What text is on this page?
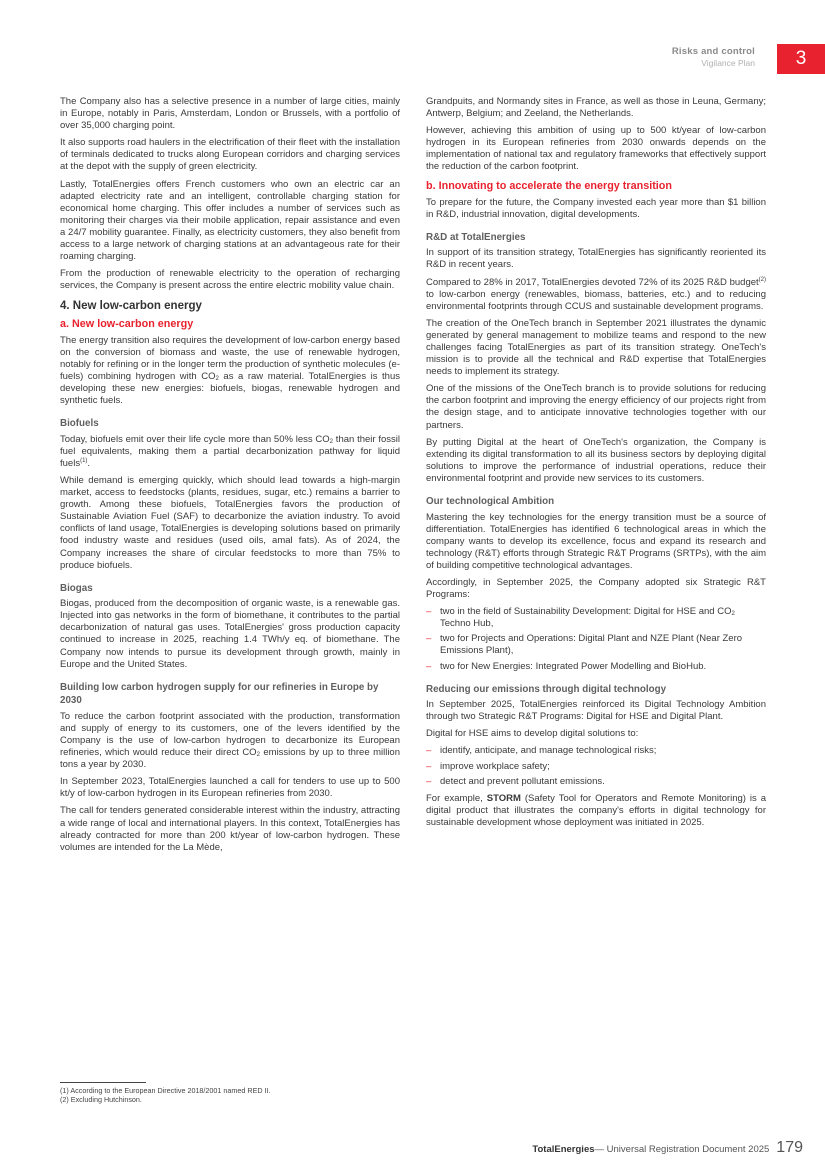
Risks and control
Vigilance Plan	3

The Company also has a selective presence in a number of large cities, mainly in Europe, notably in Paris, Amsterdam, London or Brussels, with a portfolio of over 35,000 charging point.

It also supports road haulers in the electrification of their fleet with the installation of terminals dedicated to trucks along European corridors and charging services at the depot with the supply of green electricity.

Lastly, TotalEnergies offers French customers who own an electric car an adapted electricity rate and an intelligent, controllable charging station for economical home charging. This offer includes a number of services such as monitoring their charges via their mobile application, repair assistance and even a 24/7 mobility guarantee. Finally, as electricity customers, they also benefit from access to a large network of charging stations at an advantageous rate for their roaming charging.

From the production of renewable electricity to the operation of recharging services, the Company is present across the entire electric mobility value chain.

4. New low-carbon energy
a. New low-carbon energy

The energy transition also requires the development of low-carbon energy based on the conversion of biomass and waste, the use of renewable hydrogen, notably for refining or in the longer term the production of synthetic molecules (e-fuels) combining hydrogen with $CO_2$ as a raw material. TotalEnergies is thus developing these new energies: biofuels, biogas, renewable hydrogen and synthetic fuels.

Biofuels

Today, biofuels emit over their life cycle more than 50% less $CO_2$ than their fossil fuel equivalents, making them a partial decarbonization pathway for liquid fuels$^{(1)}$.

While demand is emerging quickly, which should lead towards a high-margin market, access to feedstocks (plants, residues, sugar, etc.) remains a barrier to growth. Among these biofuels, TotalEnergies favors the production of Sustainable Aviation Fuel (SAF) to decarbonize the aviation industry. To avoid conflicts of land usage, TotalEnergies is developing solutions based on primarily food industry waste and residues (used oils, amal fats). As of 2024, the Company increases the share of circular feedstocks to more than 75% to produce biofuels.

Biogas

Biogas, produced from the decomposition of organic waste, is a renewable gas. Injected into gas networks in the form of biomethane, it contributes to the partial decarbonization of natural gas uses. TotalEnergies' gross production capacity continued to increase in 2025, reaching 1.4 TWh/y eq. of biomethane. The Company now intends to pursue its development through growth, mainly in Europe and the United States.

Building low carbon hydrogen supply for our refineries in Europe by 2030

To reduce the carbon footprint associated with the production, transformation and supply of energy to its customers, one of the levers identified by the Company is the use of low-carbon hydrogen to decarbonize its European refineries, which would reduce their direct $CO_2$ emissions by up to three million tons a year by 2030.

In September 2023, TotalEnergies launched a call for tenders to use up to 500 kt/y of low-carbon hydrogen in its European refineries from 2030.

The call for tenders generated considerable interest within the industry, attracting a wide range of local and international players. In this context, TotalEnergies has already contracted for more than 200 kt/year of low-carbon hydrogen. These volumes are intended for the La Mède,

Grandpuits, and Normandy sites in France, as well as those in Leuna, Germany; Antwerp, Belgium; and Zeeland, the Netherlands.

However, achieving this ambition of using up to 500 kt/year of low-carbon hydrogen in its European refineries from 2030 onwards depends on the implementation of national tax and regulatory frameworks that effectively support the reduction of the carbon footprint.

b. Innovating to accelerate the energy transition

To prepare for the future, the Company invested each year more than $1 billion in R&D, industrial innovation, digital developments.

R&D at TotalEnergies

In support of its transition strategy, TotalEnergies has significantly reoriented its R&D in recent years.

Compared to 28% in 2017, TotalEnergies devoted 72% of its 2025 R&D budget$^{(2)}$ to low-carbon energy (renewables, biomass, batteries, etc.) and to reducing environmental footprints through CCUS and sustainable development programs.

The creation of the OneTech branch in September 2021 illustrates the dynamic generated by general management to mobilize teams and respond to the new challenges facing TotalEnergies as part of its transition strategy. OneTech's mission is to provide all the technical and R&D expertise that TotalEnergies needs to implement its strategy.

One of the missions of the OneTech branch is to provide solutions for reducing the carbon footprint and improving the energy efficiency of our projects right from the design stage, and to anticipate innovative technologies together with our partners.

By putting Digital at the heart of OneTech's organization, the Company is extending its digital transformation to all its business sectors by deploying digital solutions to improve the performance of industrial operations, reduce their environmental footprint and provide new services to its customers.

Our technological Ambition

Mastering the key technologies for the energy transition must be a source of differentiation. TotalEnergies has identified 6 technological areas in which the company wants to develop its excellence, focus and expand its research and technology (R&T) efforts through Strategic R&T Programs (SRTPs), with the aim of building competitive technological advantages.

Accordingly, in September 2025, the Company adopted six Strategic R&T Programs:

– two in the field of Sustainability Development: Digital for HSE and $CO_2$ Techno Hub,
– two for Projects and Operations: Digital Plant and NZE Plant (Near Zero Emissions Plant),
– two for New Energies: Integrated Power Modelling and BioHub.
Reducing our emissions through digital technology

In September 2025, TotalEnergies reinforced its Digital Technology Ambition through two Strategic R&T Programs: Digital for HSE and Digital Plant.

Digital for HSE aims to develop digital solutions to:

– identify, anticipate, and manage technological risks;
– improve workplace safety;
– detect and prevent pollutant emissions.

For example, STORM (Safety Tool for Operators and Remote Monitoring) is a digital product that illustrates the company's efforts in digital technology for sustainable development whose deployment was initiated in 2025.

(1) According to the European Directive 2018/2001 named RED II.
(2) Excluding Hutchinson.
TotalEnergies — Universal Registration Document 2025 179
